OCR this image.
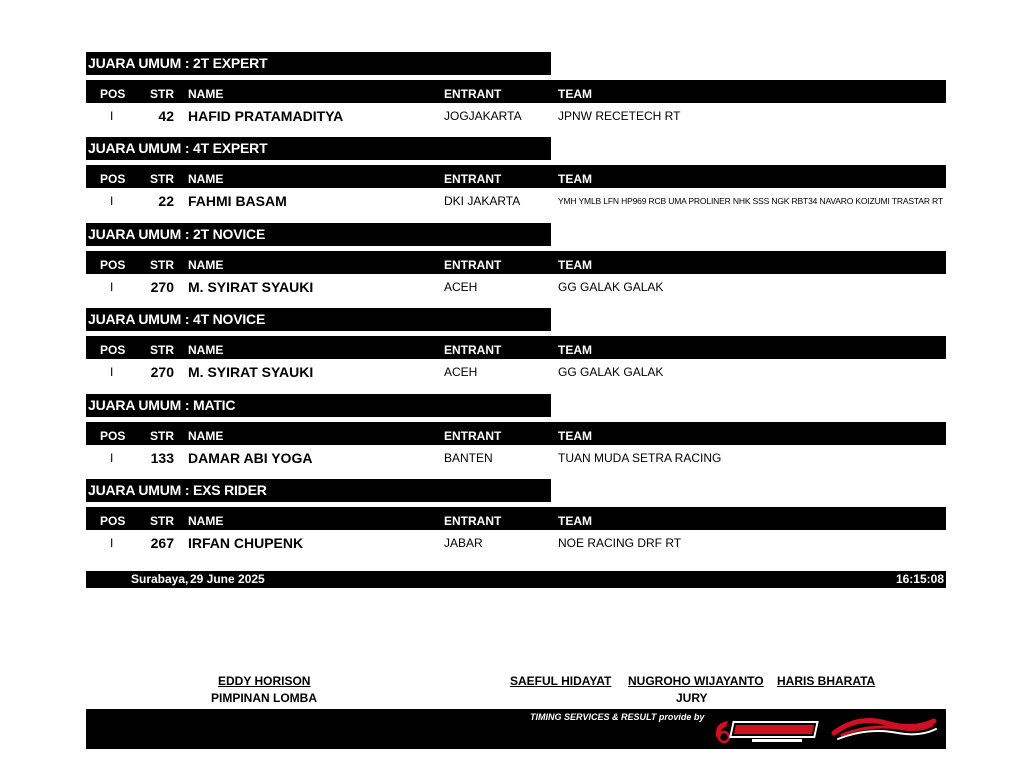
JUARA UMUM : 2T EXPERT
POS STR NAME	ENTRANT	TEAM
I	42 HAFID PRATAMADITYA	JOGJAKARTA	JPNW RECETECH RT
JUARA UMUM : 4T EXPERT
POS STR NAME	ENTRANT	TEAM
I	22 FAHMI BASAM	DKI JAKARTA	YMH YMLB LFN HP969 RCB UMA PROLINER NHK SSS NGK RBT34 NAVARO KOIZUMI TRASTAR RT
JUARA UMUM : 2T NOVICE
POS STR NAME	ENTRANT	TEAM
I	270 M. SYIRAT SYAUKI	ACEH	GG GALAK GALAK
JUARA UMUM : 4T NOVICE
POS STR NAME	ENTRANT	TEAM
I	270 M. SYIRAT SYAUKI	ACEH	GG GALAK GALAK
JUARA UMUM : MATIC
POS STR NAME	ENTRANT	TEAM
I	133 DAMAR ABI YOGA	BANTEN	TUAN MUDA SETRA RACING
JUARA UMUM : EXS RIDER
POS STR NAME	ENTRANT	TEAM
I	267 IRFAN CHUPENK	JABAR	NOE RACING DRF RT
Surabaya, 29 June 2025	16:15:08
EDDY HORISON
PIMPINAN LOMBA
SAEFUL HIDAYAT NUGROHO WIJAYANTO HARIS BHARATA
JURY
TIMING SERVICES & RESULT provide by
